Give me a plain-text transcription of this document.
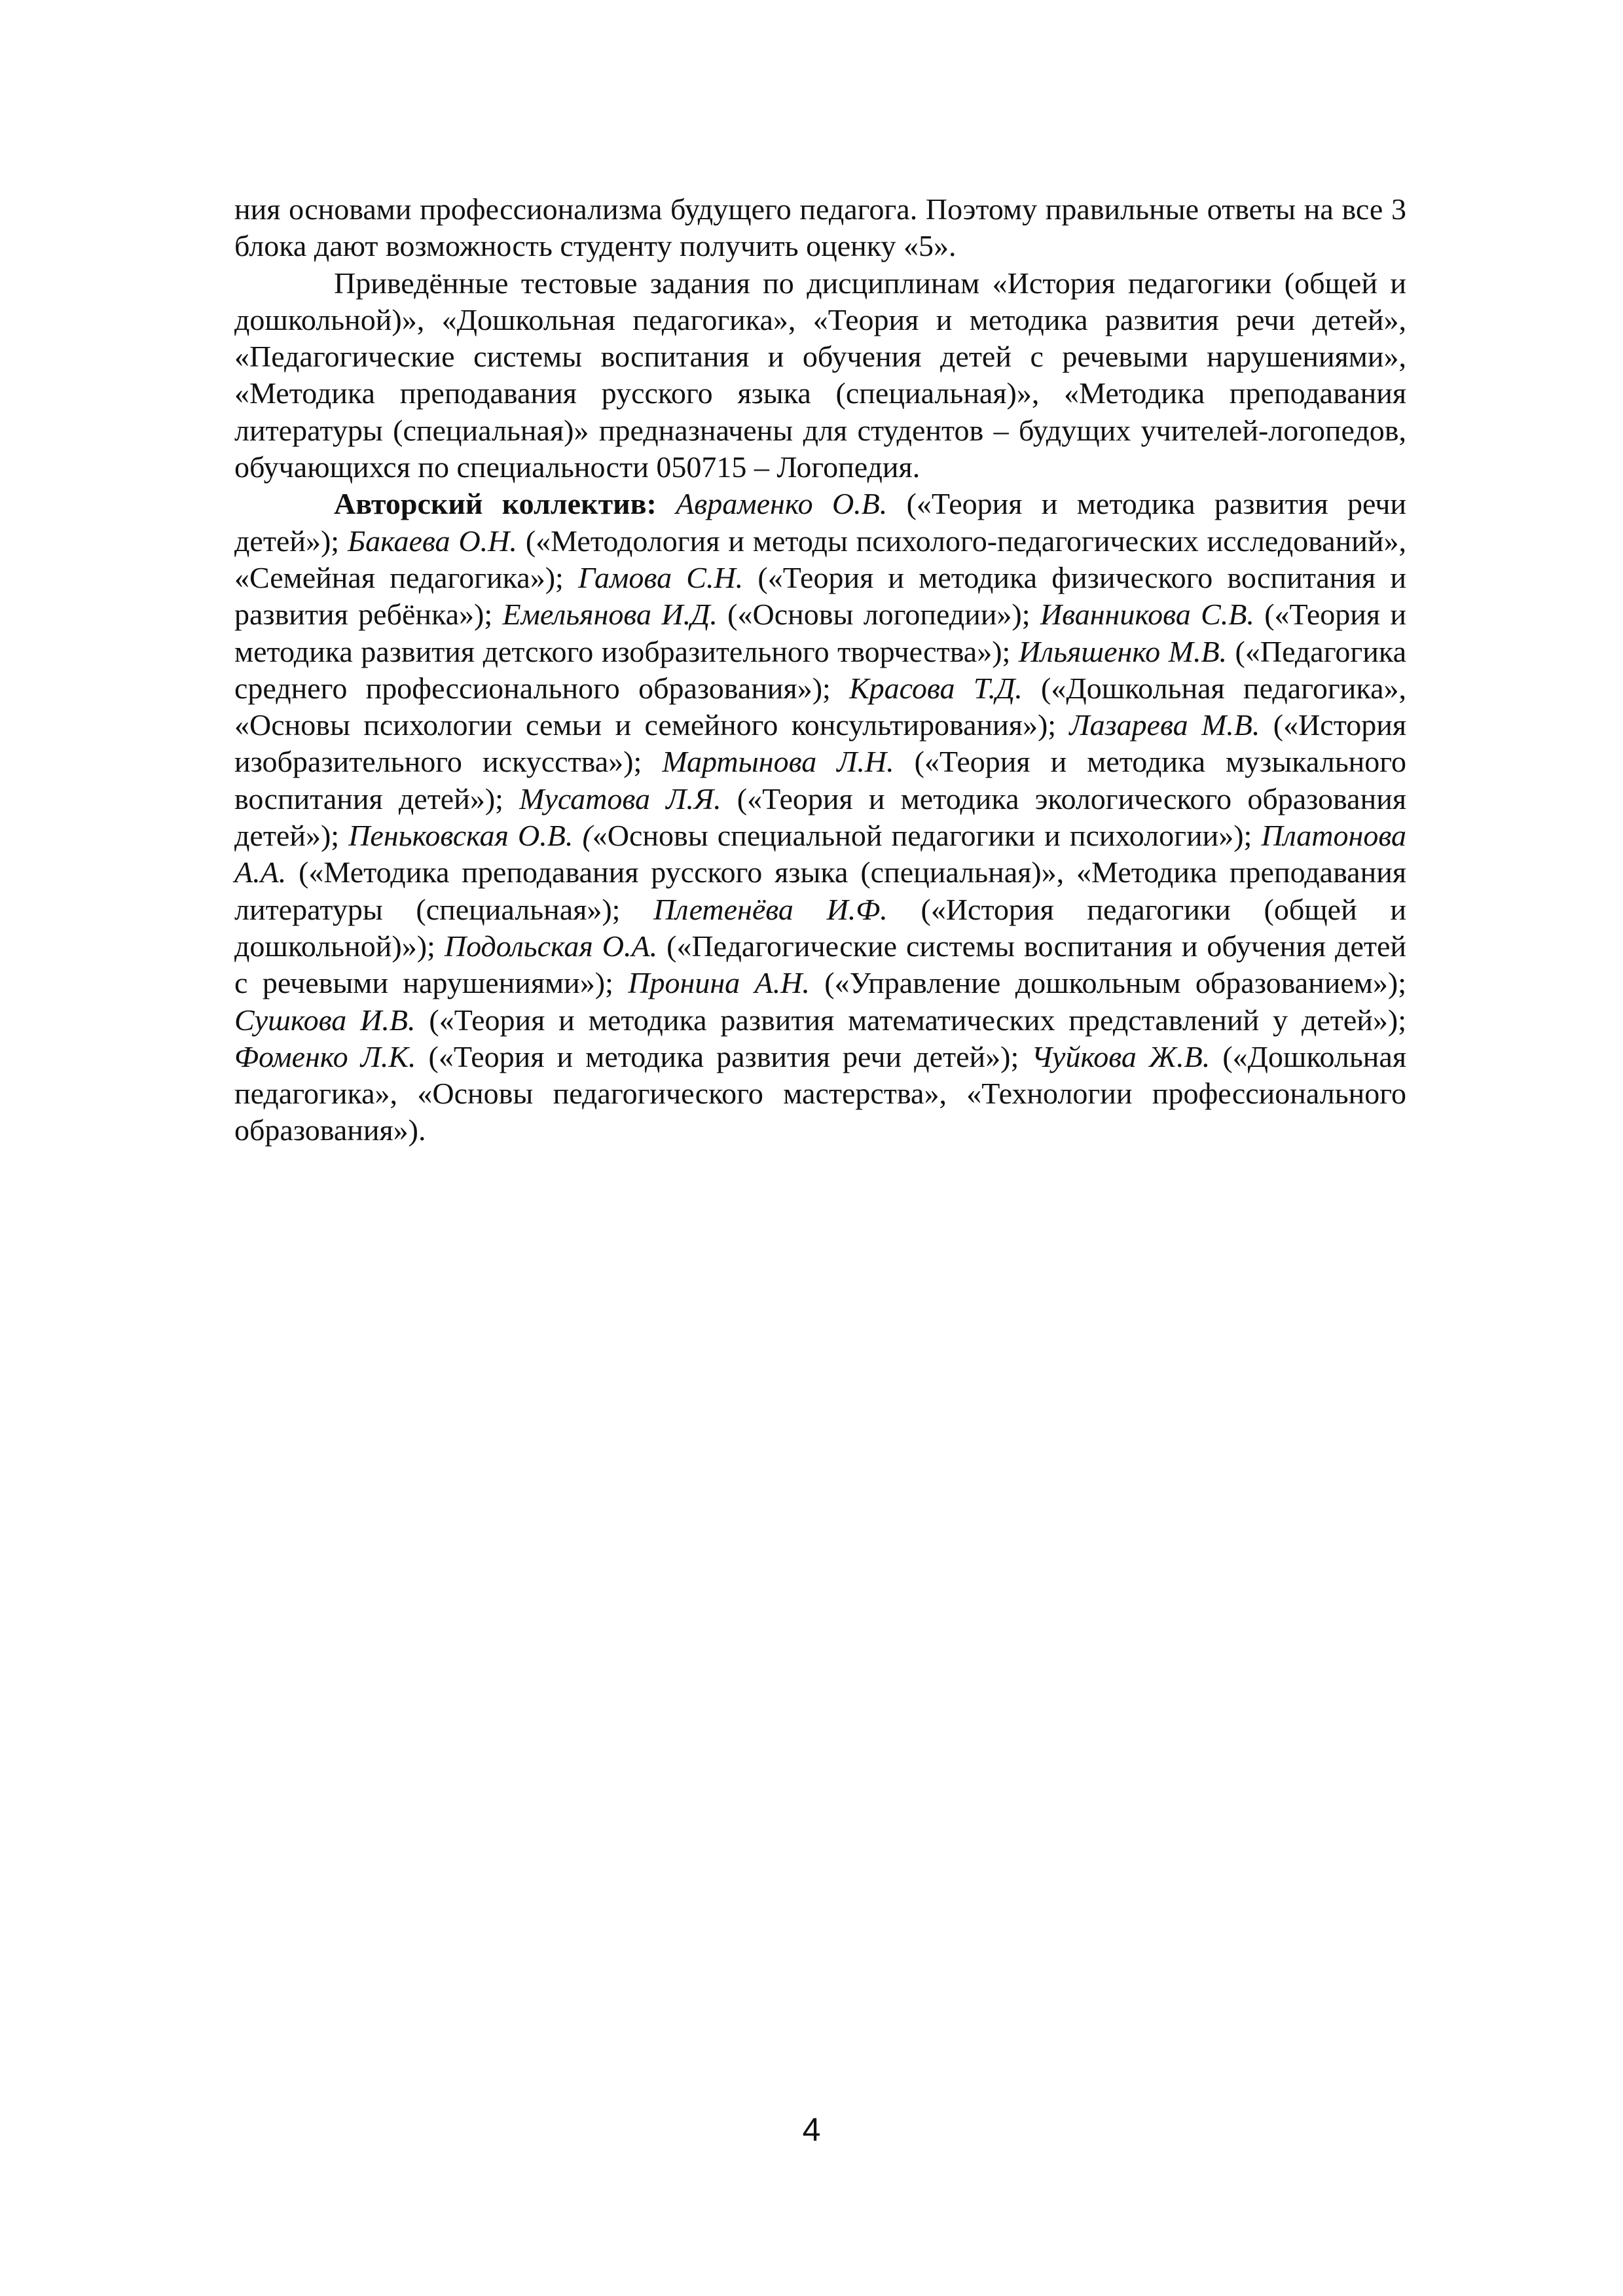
ния основами профессионализма будущего педагога. Поэтому правильные ответы на все 3 блока дают возможность студенту получить оценку «5».

Приведённые тестовые задания по дисциплинам «История педагогики (общей и дошкольной)», «Дошкольная педагогика», «Теория и методика развития речи детей», «Педагогические системы воспитания и обучения детей с речевыми нарушениями», «Методика преподавания русского языка (специальная)», «Методика преподавания литературы (специальная)» предназначены для студентов – будущих учителей-логопедов, обучающихся по специальности 050715 – Логопедия.

Авторский коллектив: Авраменко О.В. («Теория и методика развития речи детей»); Бакаева О.Н. («Методология и методы психолого-педагогических исследований», «Семейная педагогика»); Гамова С.Н. («Теория и методика физического воспитания и развития ребёнка»); Емельянова И.Д. («Основы логопедии»); Иванникова С.В. («Теория и методика развития детского изобразительного творчества»); Ильяшенко М.В. («Педагогика среднего профессионального образования»); Красова Т.Д. («Дошкольная педагогика», «Основы психологии семьи и семейного консультирования»); Лазарева М.В. («История изобразительного искусства»); Мартынова Л.Н. («Теория и методика музыкального воспитания детей»); Мусатова Л.Я. («Теория и методика экологического образования детей»); Пеньковская О.В. («Основы специальной педагогики и психологии»); Платонова А.А. («Методика преподавания русского языка (специальная)», «Методика преподавания литературы (специальная»); Плетенёва И.Ф. («История педагогики (общей и дошкольной)»); Подольская О.А. («Педагогические системы воспитания и обучения детей с речевыми нарушениями»); Пронина А.Н. («Управление дошкольным образованием»); Сушкова И.В. («Теория и методика развития математических представлений у детей»); Фоменко Л.К. («Теория и методика развития речи детей»); Чуйкова Ж.В. («Дошкольная педагогика», «Основы педагогического мастерства», «Технологии профессионального образования»).

4
